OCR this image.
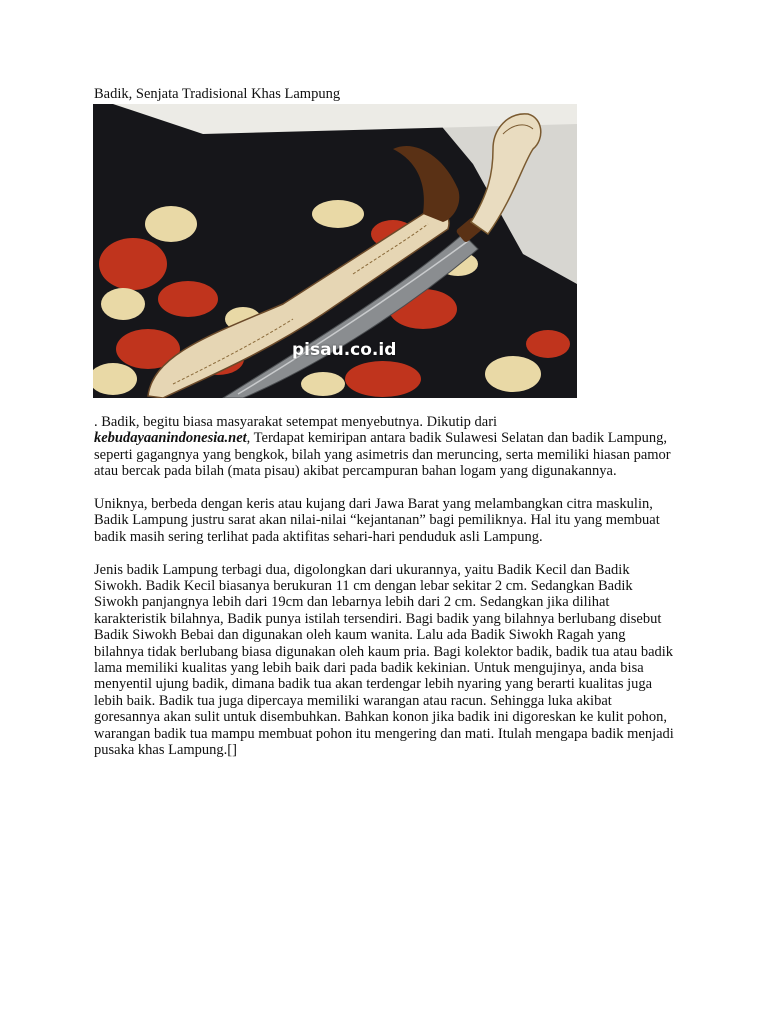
Badik, Senjata Tradisional Khas Lampung
pisau.co.id

. Badik, begitu biasa masyarakat setempat menyebutnya. Dikutip dari
kebudayaanindonesia.net, Terdapat kemiripan antara badik Sulawesi Selatan dan badik Lampung, seperti gagangnya yang bengkok, bilah yang asimetris dan meruncing, serta memiliki hiasan pamor atau bercak pada bilah (mata pisau) akibat percampuran bahan logam yang digunakannya.

Uniknya, berbeda dengan keris atau kujang dari Jawa Barat yang melambangkan citra maskulin, Badik Lampung justru sarat akan nilai-nilai “kejantanan” bagi pemiliknya. Hal itu yang membuat badik masih sering terlihat pada aktifitas sehari-hari penduduk asli Lampung.

Jenis badik Lampung terbagi dua, digolongkan dari ukurannya, yaitu Badik Kecil dan Badik Siwokh. Badik Kecil biasanya berukuran 11 cm dengan lebar sekitar 2 cm. Sedangkan Badik Siwokh panjangnya lebih dari 19cm dan lebarnya lebih dari 2 cm. Sedangkan jika dilihat karakteristik bilahnya, Badik punya istilah tersendiri. Bagi badik yang bilahnya berlubang disebut Badik Siwokh Bebai dan digunakan oleh kaum wanita. Lalu ada Badik Siwokh Ragah yang bilahnya tidak berlubang biasa digunakan oleh kaum pria. Bagi kolektor badik, badik tua atau badik lama memiliki kualitas yang lebih baik dari pada badik kekinian. Untuk mengujinya, anda bisa menyentil ujung badik, dimana badik tua akan terdengar lebih nyaring yang berarti kualitas juga lebih baik. Badik tua juga dipercaya memiliki warangan atau racun. Sehingga luka akibat goresannya akan sulit untuk disembuhkan. Bahkan konon jika badik ini digoreskan ke kulit pohon, warangan badik tua mampu membuat pohon itu mengering dan mati. Itulah mengapa badik menjadi pusaka khas Lampung.[]
